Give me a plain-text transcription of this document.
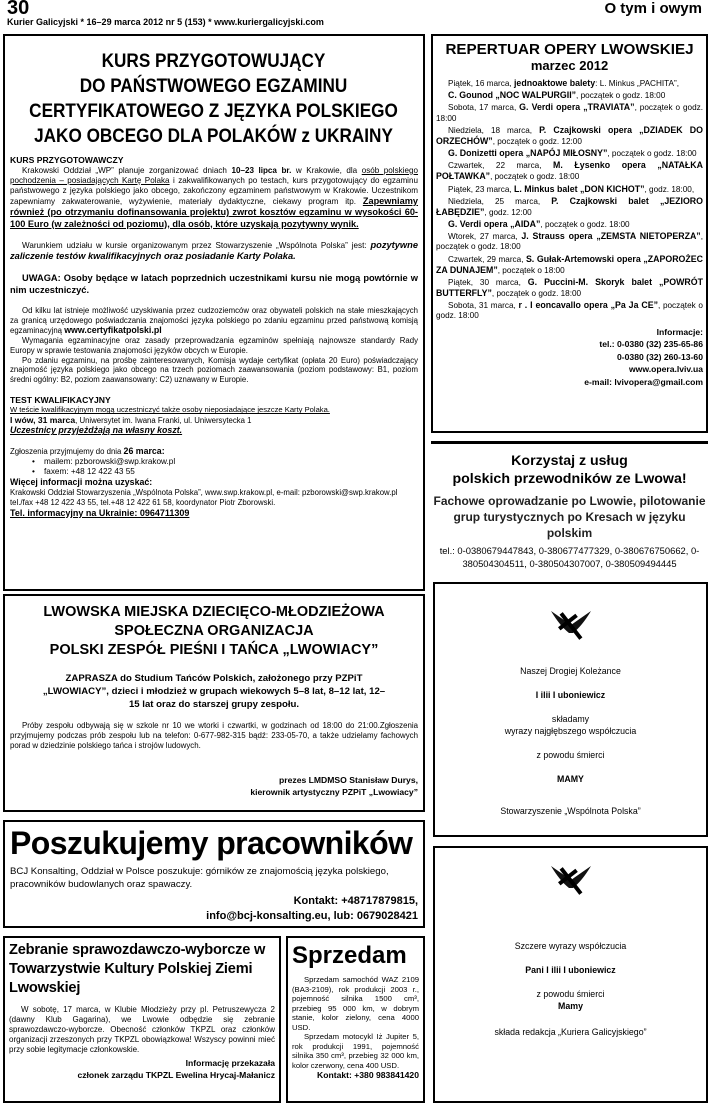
30
Kurier Galicyjski * 16–29 marca 2012 nr 5 (153) * www.kuriergalicyjski.com
O tym i owym
KURS PRZYGOTOWUJĄCY
DO PAŃSTWOWEGO EGZAMINU
CERTYFIKATOWEGO Z JĘZYKA POLSKIEGO
JAKO OBCEGO DLA POLAKÓW z UKRAINY

KURS PRZYGOTOWAWCZY

Krakowski Oddział „WP” planuje zorganizować dniach 10–23 lipca br. w Krakowie, dla osób polskiego pochodzenia – posiadających Kartę Polaka i zakwalifikowanych po testach, kurs przygotowujący do egzaminu państwowego z języka polskiego jako obcego, zakończony egzaminem państwowym w Krakowie. Uczestnikom zapewniamy zakwaterowanie, wyżywienie, materiały dydaktyczne, ciekawy program itp. Zapewniamy również (po otrzymaniu dofinansowania projektu) zwrot kosztów egzaminu w wysokości 60-100 Euro (w zależności od poziomu), dla osób, które uzyskają pozytywny wynik.

Warunkiem udziału w kursie organizowanym przez Stowarzyszenie „Wspólnota Polska” jest: pozytywne zaliczenie testów kwalifikacyjnych oraz posiadanie Karty Polaka.

UWAGA: Osoby będące w latach poprzednich uczestnikami kursu nie mogą powtórnie w nim uczestniczyć.

Od kilku lat istnieje możliwość uzyskiwania przez cudzoziemców oraz obywateli polskich na stałe mieszkających za granicą urzędowego poświadczania znajomości języka polskiego po zdaniu egzaminu przed państwową komisją egzaminacyjną www.certyfikatpolski.pl

Wymagania egzaminacyjne oraz zasady przeprowadzania egzaminów spełniają najnowsze standardy Rady Europy w sprawie testowania znajomości języków obcych w Europie.

Po zdaniu egzaminu, na prośbę zainteresowanych, Komisja wydaje certyfikat (opłata 20 Euro) poświadczający znajomość języka polskiego jako obcego na trzech poziomach zaawansowania (poziom podstawowy: B1, poziom średni ogólny: B2, poziom zaawansowany: C2) uznawany w Europie.

TEST KWALIFIKACYJNY

W teście kwalifikacyjnym mogą uczestniczyć także osoby nieposiadające jeszcze Karty Polaka.

I wów, 31 marca, Uniwersytet im. Iwana Franki, ul. Uniwersytecka 1

Uczestnicy przyjeżdżają na własny koszt.

Zgłoszenia przyjmujemy do dnia 26 marca:

• mailem: pzborowski@swp.krakow.pl

• faxem: +48 12 422 43 55

Więcej informacji można uzyskać:

Krakowski Oddział Stowarzyszenia „Wspólnota Polska”, www.swp.krakow.pl, e-mail: pzborowski@swp.krakow.pl

tel./fax +48 12 422 43 55, tel.+48 12 422 61 58, koordynator Piotr Zborowski.

Tel. informacyjny na Ukrainie: 0964711309

REPERTUAR OPERY LWOWSKIEJ
marzec 2012

Piątek, 16 marca, jednoaktowe balety: L. Minkus „PACHITA”,

C. Gounod „NOC WALPURGII”, początek o godz. 18:00

Sobota, 17 marca, G. Verdi opera „TRAVIATA”, początek o godz. 18:00

Niedziela, 18 marca, P. Czajkowski opera „DZIADEK DO ORZECHÓW”, początek o godz. 12:00

G. Donizetti opera „NAPÓJ MIŁOSNY”, początek o godz. 18:00

Czwartek, 22 marca, M. Łysenko opera „NATAŁKA POŁTAWKA”, początek o godz. 18:00

Piątek, 23 marca, L. Minkus balet „DON KICHOT”, godz. 18:00,

Niedziela, 25 marca, P. Czajkowski balet „JEZIORO ŁABĘDZIE”, godz. 12:00

G. Verdi opera „AIDA”, początek o godz. 18:00

Wtorek, 27 marca, J. Strauss opera „ZEMSTA NIETOPERZA”, początek o godz. 18:00

Czwartek, 29 marca, S. Gułak-Artemowski opera „ZAPOROŻEC ZA DUNAJEM”, początek o 18:00

Piątek, 30 marca, G. Puccini-M. Skoryk balet „POWRÓT BUTTERFLY”, początek o godz. 18:00

Sobota, 31 marca, r . I eoncavallo opera „Pa Ja CE”, początek o godz. 18:00

Informacje:
tel.: 0-0380 (32) 235-65-86
0-0380 (32) 260-13-60
www.opera.lviv.ua
e-mail: lvivopera@gmail.com
Korzystaj z usług
polskich przewodników ze Lwowa!
Fachowe oprowadzanie po Lwowie, pilotowanie grup turystycznych po Kresach w języku polskim
tel.: 0-0380679447843, 0-380677477329, 0-380676750662, 0-380504304511, 0-380504307007, 0-380509494445
Naszej Drogiej Koleżance
I ilii I uboniewicz
składamy
wyrazy najgłębszego współczucia
z powodu śmierci
MAMY
Stowarzyszenie „Wspólnota Polska”
Szczere wyrazy współczucia
Pani I ilii I uboniewicz
z powodu śmierci
Mamy
składa redakcja „Kuriera Galicyjskiego”
LWOWSKA MIEJSKA DZIECIĘCO-MŁODZIEŻOWA
SPOŁECZNA ORGANIZACJA
POLSKI ZESPÓŁ PIEŚNI I TAŃCA „LWOWIACY”
ZAPRASZA do Studium Tańców Polskich, założonego przy PZPiT „LWOWIACY”, dzieci i młodzież w grupach wiekowych 5–8 lat, 8–12 lat, 12–15 lat oraz do starszej grupy zespołu.

Próby zespołu odbywają się w szkole nr 10 we wtorki i czwartki, w godzinach od 18:00 do 21:00.Zgłoszenia przyjmujemy podczas prób zespołu lub na telefon: 0-677-982-315 bądź: 233-05-70, a także udzielamy fachowych porad w dziedzinie polskiego tańca i strojów ludowych.

prezes LMDMSO Stanisław Durys,
kierownik artystyczny PZPiT „Lwowiacy”
Poszukujemy pracowników

BCJ Konsalting, Oddział w Polsce poszukuje: górników ze znajomością języka polskiego, pracowników budowlanych oraz spawaczy.

Kontakt: +48717879815,
info@bcj-konsalting.eu, lub: 0679028421
Zebranie sprawozdawczo-wyborcze w Towarzystwie Kultury Polskiej Ziemi Lwowskiej

W sobotę, 17 marca, w Klubie Młodzieży przy pl. Petruszewycza 2 (dawny Klub Gagarina), we Lwowie odbędzie się zebranie sprawozdawczo-wyborcze. Obecność członków TKPZL oraz członków organizacji zrzeszonych przy TKPZL obowiązkowa! Wszyscy powinni mieć przy sobie legitymacje członkowskie.

Informację przekazała
członek zarządu TKPZL Ewelina Hrycaj-Małanicz
Sprzedam

Sprzedam samochód WAZ 2109 (BA3-2109), rok produkcji 2003 r., pojemność silnika 1500 cm³, przebieg 95 000 km, w dobrym stanie, kolor zielony, cena 4000 USD.

Sprzedam motocykl Iż Jupiter 5, rok produkcji 1991, pojemność silnika 350 cm³, przebieg 32 000 km, kolor czerwony, cena 400 USD.

Kontakt: +380 983841420
